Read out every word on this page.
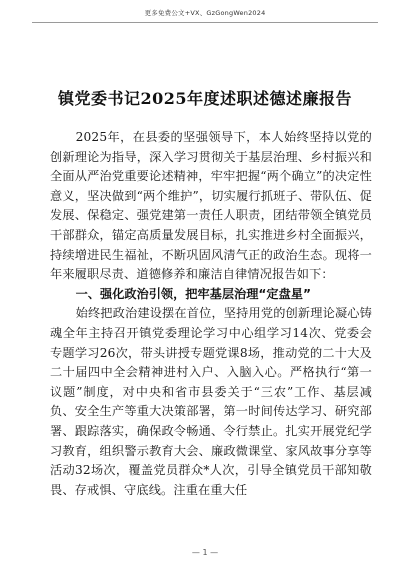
更多免费公文+VX、GzGongWen2024
镇党委书记2025年度述职述德述廉报告

2025年，在县委的坚强领导下，本人始终坚持以党的创新理论为指导，深入学习贯彻关于基层治理、乡村振兴和全面从严治党重要论述精神，牢牢把握“两个确立”的决定性意义，坚决做到“两个维护”，切实履行抓班子、带队伍、促发展、保稳定、强党建第一责任人职责，团结带领全镇党员干部群众，锚定高质量发展目标，扎实推进乡村全面振兴，持续增进民生福祉，不断巩固风清气正的政治生态。现将一年来履职尽责、道德修养和廉洁自律情况报告如下：

一、强化政治引领，把牢基层治理“定盘星”

始终把政治建设摆在首位，坚持用党的创新理论凝心铸魂全年主持召开镇党委理论学习中心组学习14次、党委会专题学习26次，带头讲授专题党课8场，推动党的二十大及二十届四中全会精神进村入户、入脑入心。严格执行“第一议题”制度，对中央和省市县委关于“三农”工作、基层减负、安全生产等重大决策部署，第一时间传达学习、研究部署、跟踪落实，确保政令畅通、令行禁止。扎实开展党纪学习教育，组织警示教育大会、廉政微课堂、家风故事分享等活动32场次，覆盖党员群众*人次，引导全镇党员干部知敬畏、存戒惧、守底线。注重在重大任

— 1 —
